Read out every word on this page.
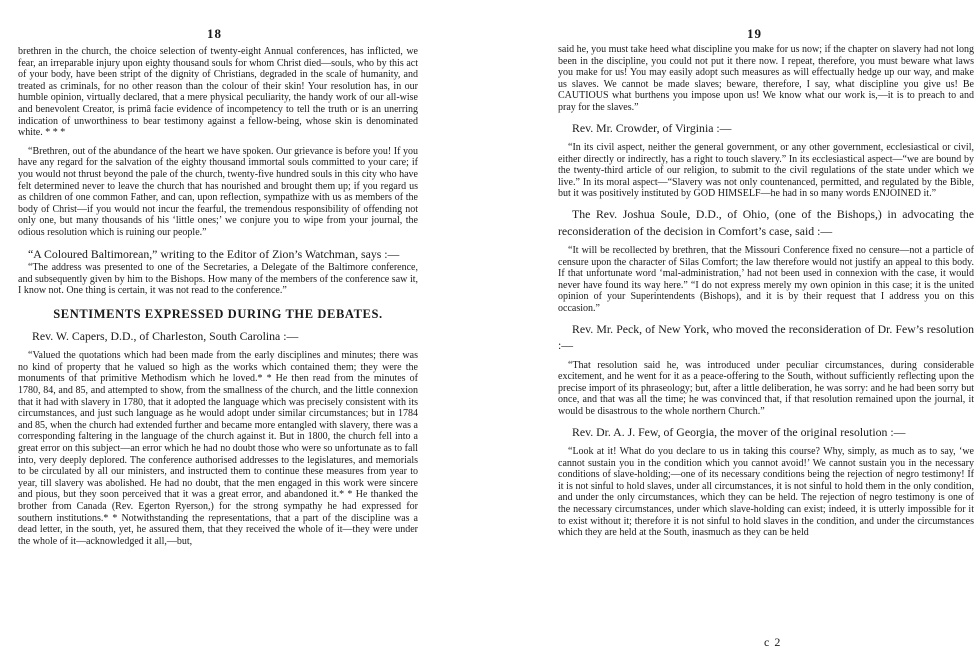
18

brethren in the church, the choice selection of twenty-eight Annual conferences, has inflicted, we fear, an irreparable injury upon eighty thousand souls for whom Christ died—souls, who by this act of your body, have been stript of the dignity of Christians, degraded in the scale of humanity, and treated as criminals, for no other reason than the colour of their skin! Your resolution has, in our humble opinion, virtually declared, that a mere physical peculiarity, the handy work of our all-wise and benevolent Creator, is primâ facie evidence of incompetency to tell the truth or is an unerring indication of unworthiness to bear testimony against a fellow-being, whose skin is denominated white. * * *

“Brethren, out of the abundance of the heart we have spoken. Our grievance is before you! If you have any regard for the salvation of the eighty thousand immortal souls committed to your care; if you would not thrust beyond the pale of the church, twenty-five hundred souls in this city who have felt determined never to leave the church that has nourished and brought them up; if you regard us as children of one common Father, and can, upon reflection, sympathize with us as members of the body of Christ—if you would not incur the fearful, the tremendous responsibility of offending not only one, but many thousands of his ‘little ones;’ we conjure you to wipe from your journal, the odious resolution which is ruining our people.”

“A Coloured Baltimorean,” writing to the Editor of Zion’s Watchman, says :—

“The address was presented to one of the Secretaries, a Delegate of the Baltimore conference, and subsequently given by him to the Bishops. How many of the members of the conference saw it, I know not. One thing is certain, it was not read to the conference.”

SENTIMENTS EXPRESSED DURING THE DEBATES.

Rev. W. Capers, D.D., of Charleston, South Carolina :—

“Valued the quotations which had been made from the early disciplines and minutes; there was no kind of property that he valued so high as the works which contained them; they were the monuments of that primitive Methodism which he loved.* * He then read from the minutes of 1780, 84, and 85, and attempted to show, from the smallness of the church, and the little connexion that it had with slavery in 1780, that it adopted the language which was precisely consistent with its circumstances, and just such language as he would adopt under similar circumstances; but in 1784 and 85, when the church had extended further and became more entangled with slavery, there was a corresponding faltering in the language of the church against it. But in 1800, the church fell into a great error on this subject—an error which he had no doubt those who were so unfortunate as to fall into, very deeply deplored. The conference authorised addresses to the legislatures, and memorials to be circulated by all our ministers, and instructed them to continue these measures from year to year, till slavery was abolished. He had no doubt, that the men engaged in this work were sincere and pious, but they soon perceived that it was a great error, and abandoned it.* * He thanked the brother from Canada (Rev. Egerton Ryerson,) for the strong sympathy he had expressed for southern institutions.* * Notwithstanding the representations, that a part of the discipline was a dead letter, in the south, yet, he assured them, that they received the whole of it—they were under the whole of it—acknowledged it all,—but,

19

said he, you must take heed what discipline you make for us now; if the chapter on slavery had not long been in the discipline, you could not put it there now. I repeat, therefore, you must beware what laws you make for us! You may easily adopt such measures as will effectually hedge up our way, and make us slaves. We cannot be made slaves; beware, therefore, I say, what discipline you give us! Be CAUTIOUS what burthens you impose upon us! We know what our work is,—it is to preach to and pray for the slaves.”

Rev. Mr. Crowder, of Virginia :—

“In its civil aspect, neither the general government, or any other government, ecclesiastical or civil, either directly or indirectly, has a right to touch slavery.” In its ecclesiastical aspect—“we are bound by the twenty-third article of our religion, to submit to the civil regulations of the state under which we live.” In its moral aspect—“Slavery was not only countenanced, permitted, and regulated by the Bible, but it was positively instituted by GOD HIMSELF—he had in so many words ENJOINED it.”

The Rev. Joshua Soule, D.D., of Ohio, (one of the Bishops,) in advocating the reconsideration of the decision in Comfort’s case, said :—

“It will be recollected by brethren, that the Missouri Conference fixed no censure—not a particle of censure upon the character of Silas Comfort; the law therefore would not justify an appeal to this body. If that unfortunate word ‘mal-administration,’ had not been used in connexion with the case, it would never have found its way here.” “I do not express merely my own opinion in this case; it is the united opinion of your Superintendents (Bishops), and it is by their request that I address you on this occasion.”

Rev. Mr. Peck, of New York, who moved the reconsideration of Dr. Few’s resolution :—

“That resolution said he, was introduced under peculiar circumstances, during considerable excitement, and he went for it as a peace-offering to the South, without sufficiently reflecting upon the precise import of its phraseology; but, after a little deliberation, he was sorry: and he had been sorry but once, and that was all the time; he was convinced that, if that resolution remained upon the journal, it would be disastrous to the whole northern Church.”

Rev. Dr. A. J. Few, of Georgia, the mover of the original resolution :—

“Look at it! What do you declare to us in taking this course? Why, simply, as much as to say, ‘we cannot sustain you in the condition which you cannot avoid!’ We cannot sustain you in the necessary conditions of slave-holding;—one of its necessary conditions being the rejection of negro testimony! If it is not sinful to hold slaves, under all circumstances, it is not sinful to hold them in the only condition, and under the only circumstances, which they can be held. The rejection of negro testimony is one of the necessary circumstances, under which slave-holding can exist; indeed, it is utterly impossible for it to exist without it; therefore it is not sinful to hold slaves in the condition, and under the circumstances which they are held at the South, inasmuch as they can be held

c 2
